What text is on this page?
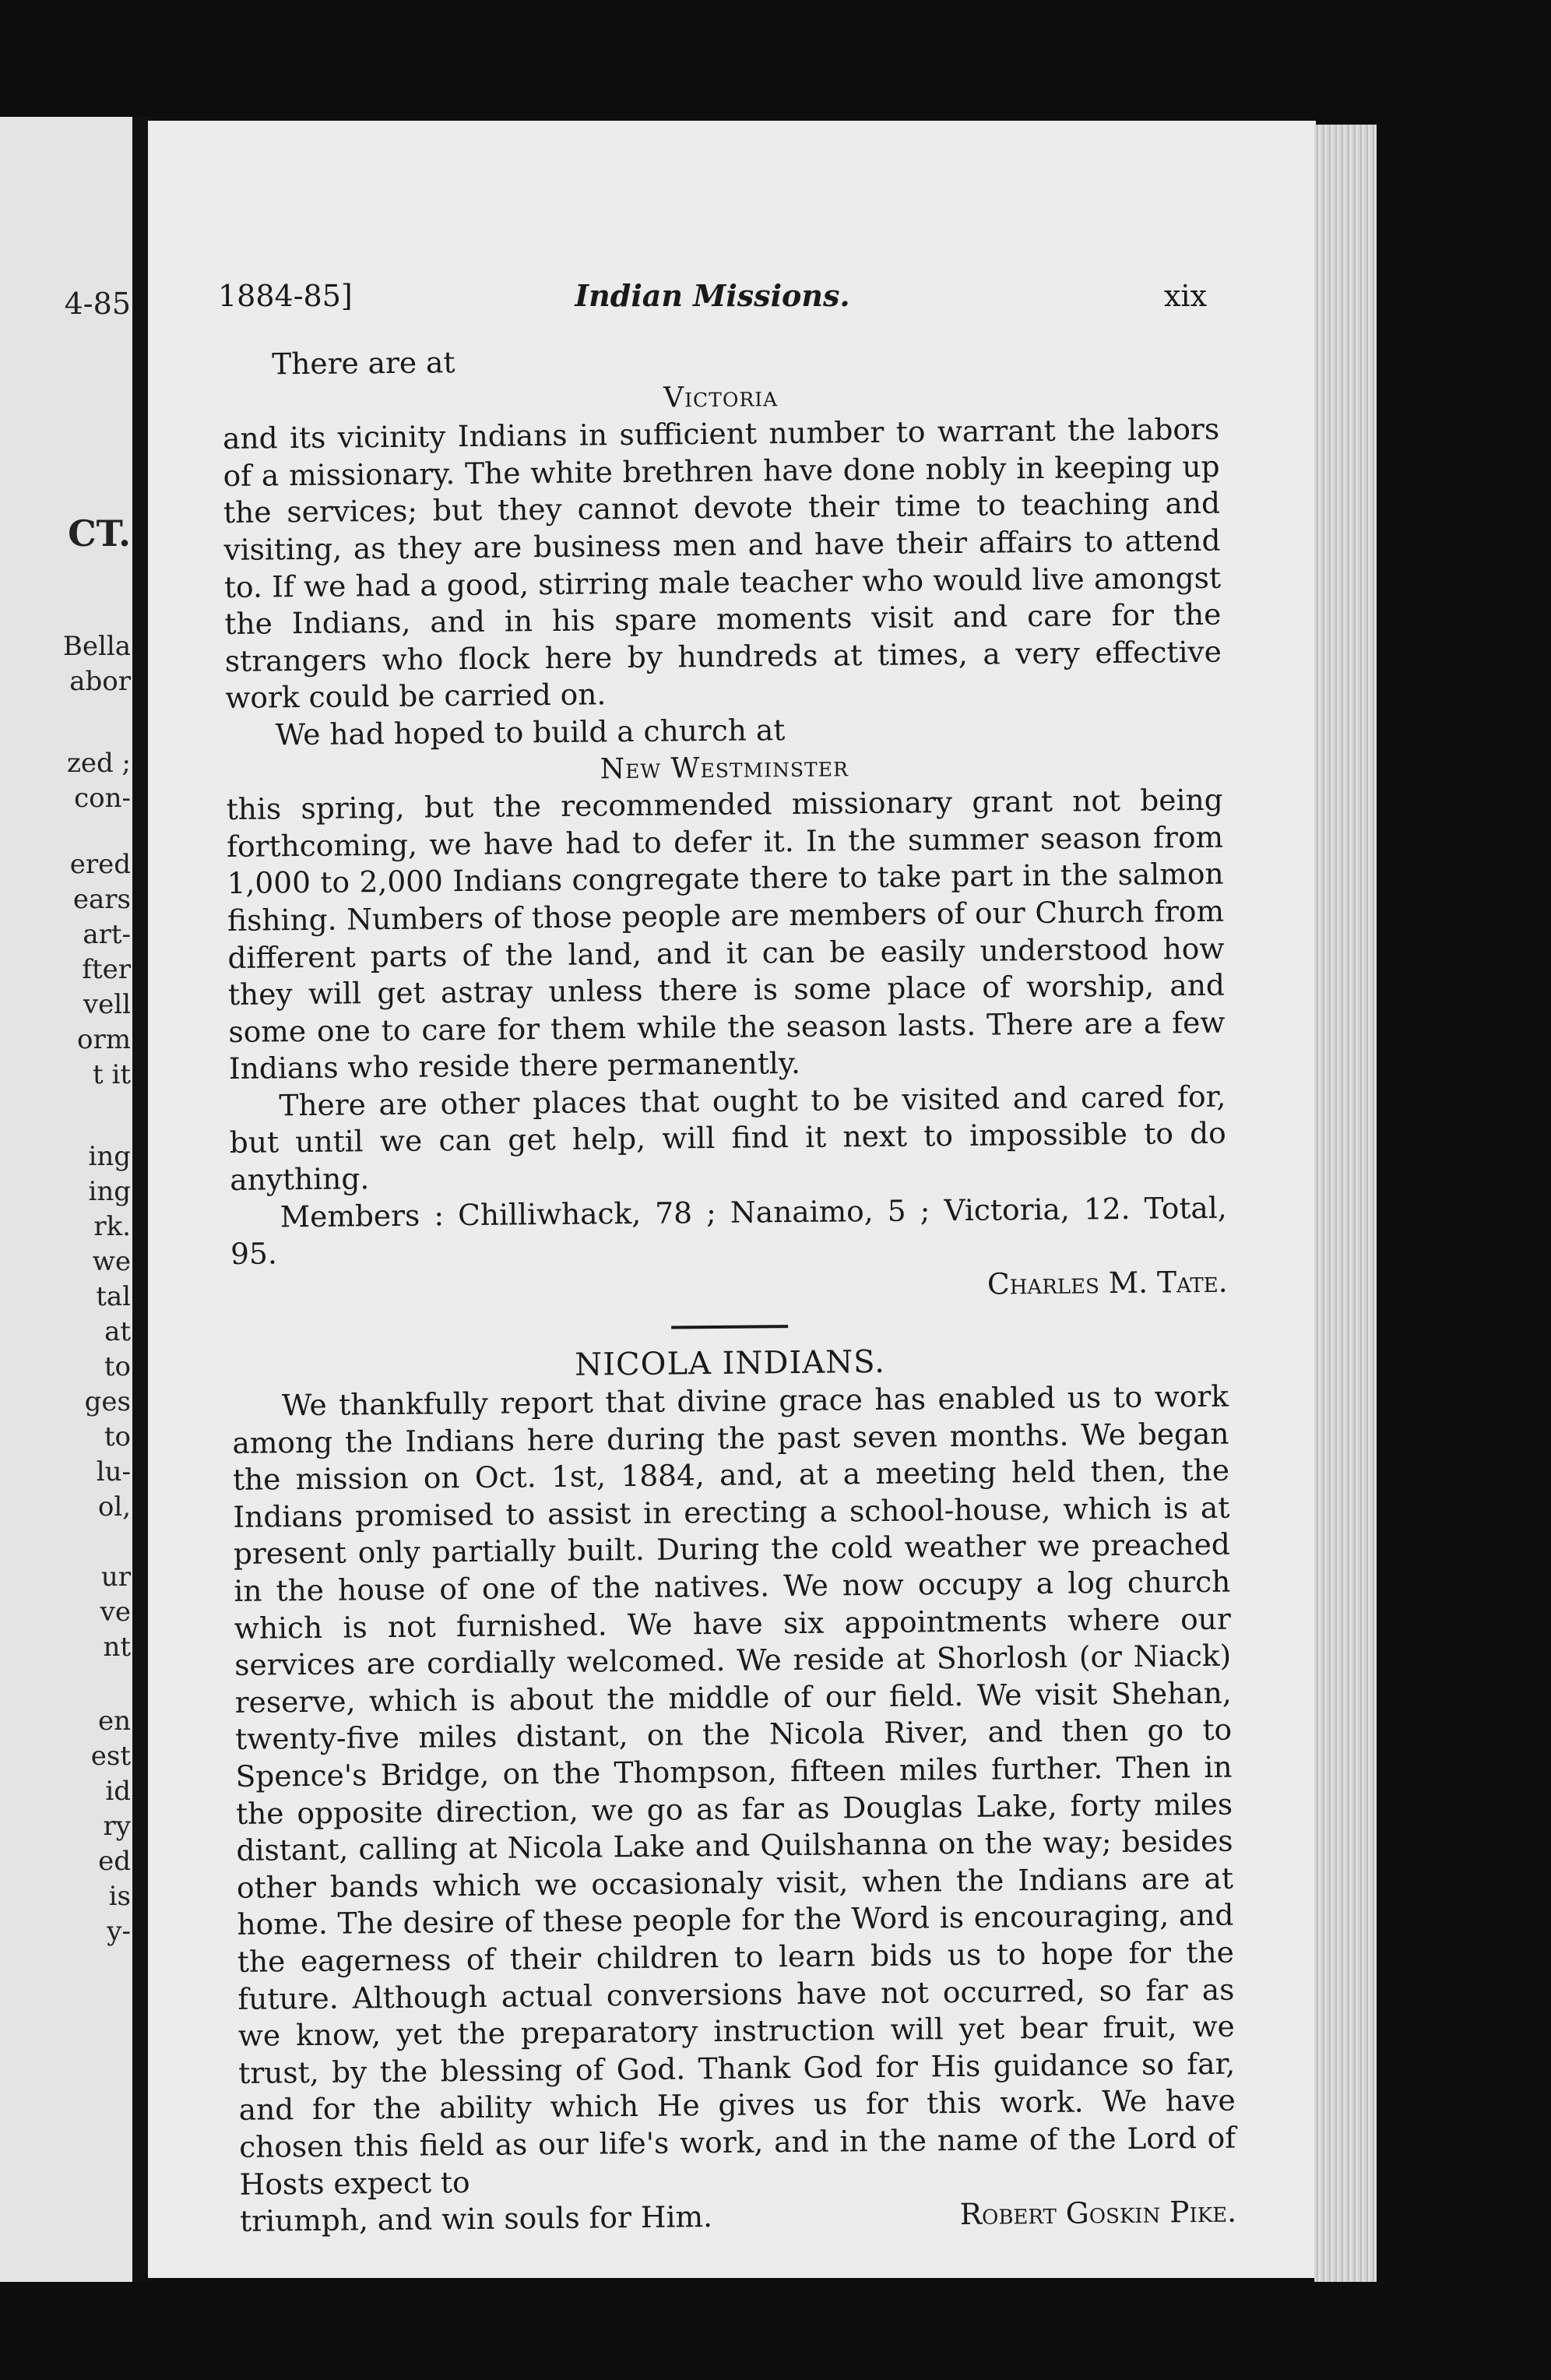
4-85
CT.
Bella
abor
zed ;
con-
ered
ears
art-
fter
vell
orm
t it
ing
ing
rk.
we
tal
at
to
ges
to
lu-
ol,
ur
ve
nt
en
est
id
ry
ed
is
y-
1884-85]	Indian Missions.	xix

There are at

Victoria

and its vicinity Indians in sufficient number to warrant the labors of a missionary. The white brethren have done nobly in keeping up the services; but they cannot devote their time to teaching and visiting, as they are business men and have their affairs to attend to. If we had a good, stirring male teacher who would live amongst the Indians, and in his spare moments visit and care for the strangers who flock here by hundreds at times, a very effective work could be carried on.

We had hoped to build a church at

New Westminster

this spring, but the recommended missionary grant not being forthcoming, we have had to defer it. In the summer season from 1,000 to 2,000 Indians congregate there to take part in the salmon fishing. Numbers of those people are members of our Church from different parts of the land, and it can be easily understood how they will get astray unless there is some place of worship, and some one to care for them while the season lasts. There are a few Indians who reside there permanently.

There are other places that ought to be visited and cared for, but until we can get help, will find it next to impossible to do anything.

Members : Chilliwhack, 78 ; Nanaimo, 5 ; Victoria, 12. Total, 95.

Charles M. Tate.

NICOLA INDIANS.

We thankfully report that divine grace has enabled us to work among the Indians here during the past seven months. We began the mission on Oct. 1st, 1884, and, at a meeting held then, the Indians promised to assist in erecting a school-house, which is at present only partially built. During the cold weather we preached in the house of one of the natives. We now occupy a log church which is not furnished. We have six appointments where our services are cordially welcomed. We reside at Shorlosh (or Niack) reserve, which is about the middle of our field. We visit Shehan, twenty-five miles distant, on the Nicola River, and then go to Spence's Bridge, on the Thompson, fifteen miles further. Then in the opposite direction, we go as far as Douglas Lake, forty miles distant, calling at Nicola Lake and Quilshanna on the way; besides other bands which we occasionaly visit, when the Indians are at home. The desire of these people for the Word is encouraging, and the eagerness of their children to learn bids us to hope for the future. Although actual conversions have not occurred, so far as we know, yet the preparatory instruction will yet bear fruit, we trust, by the blessing of God. Thank God for His guidance so far, and for the ability which He gives us for this work. We have chosen this field as our life's work, and in the name of the Lord of Hosts expect to

triumph, and win souls for Him.	Robert Goskin Pike.
